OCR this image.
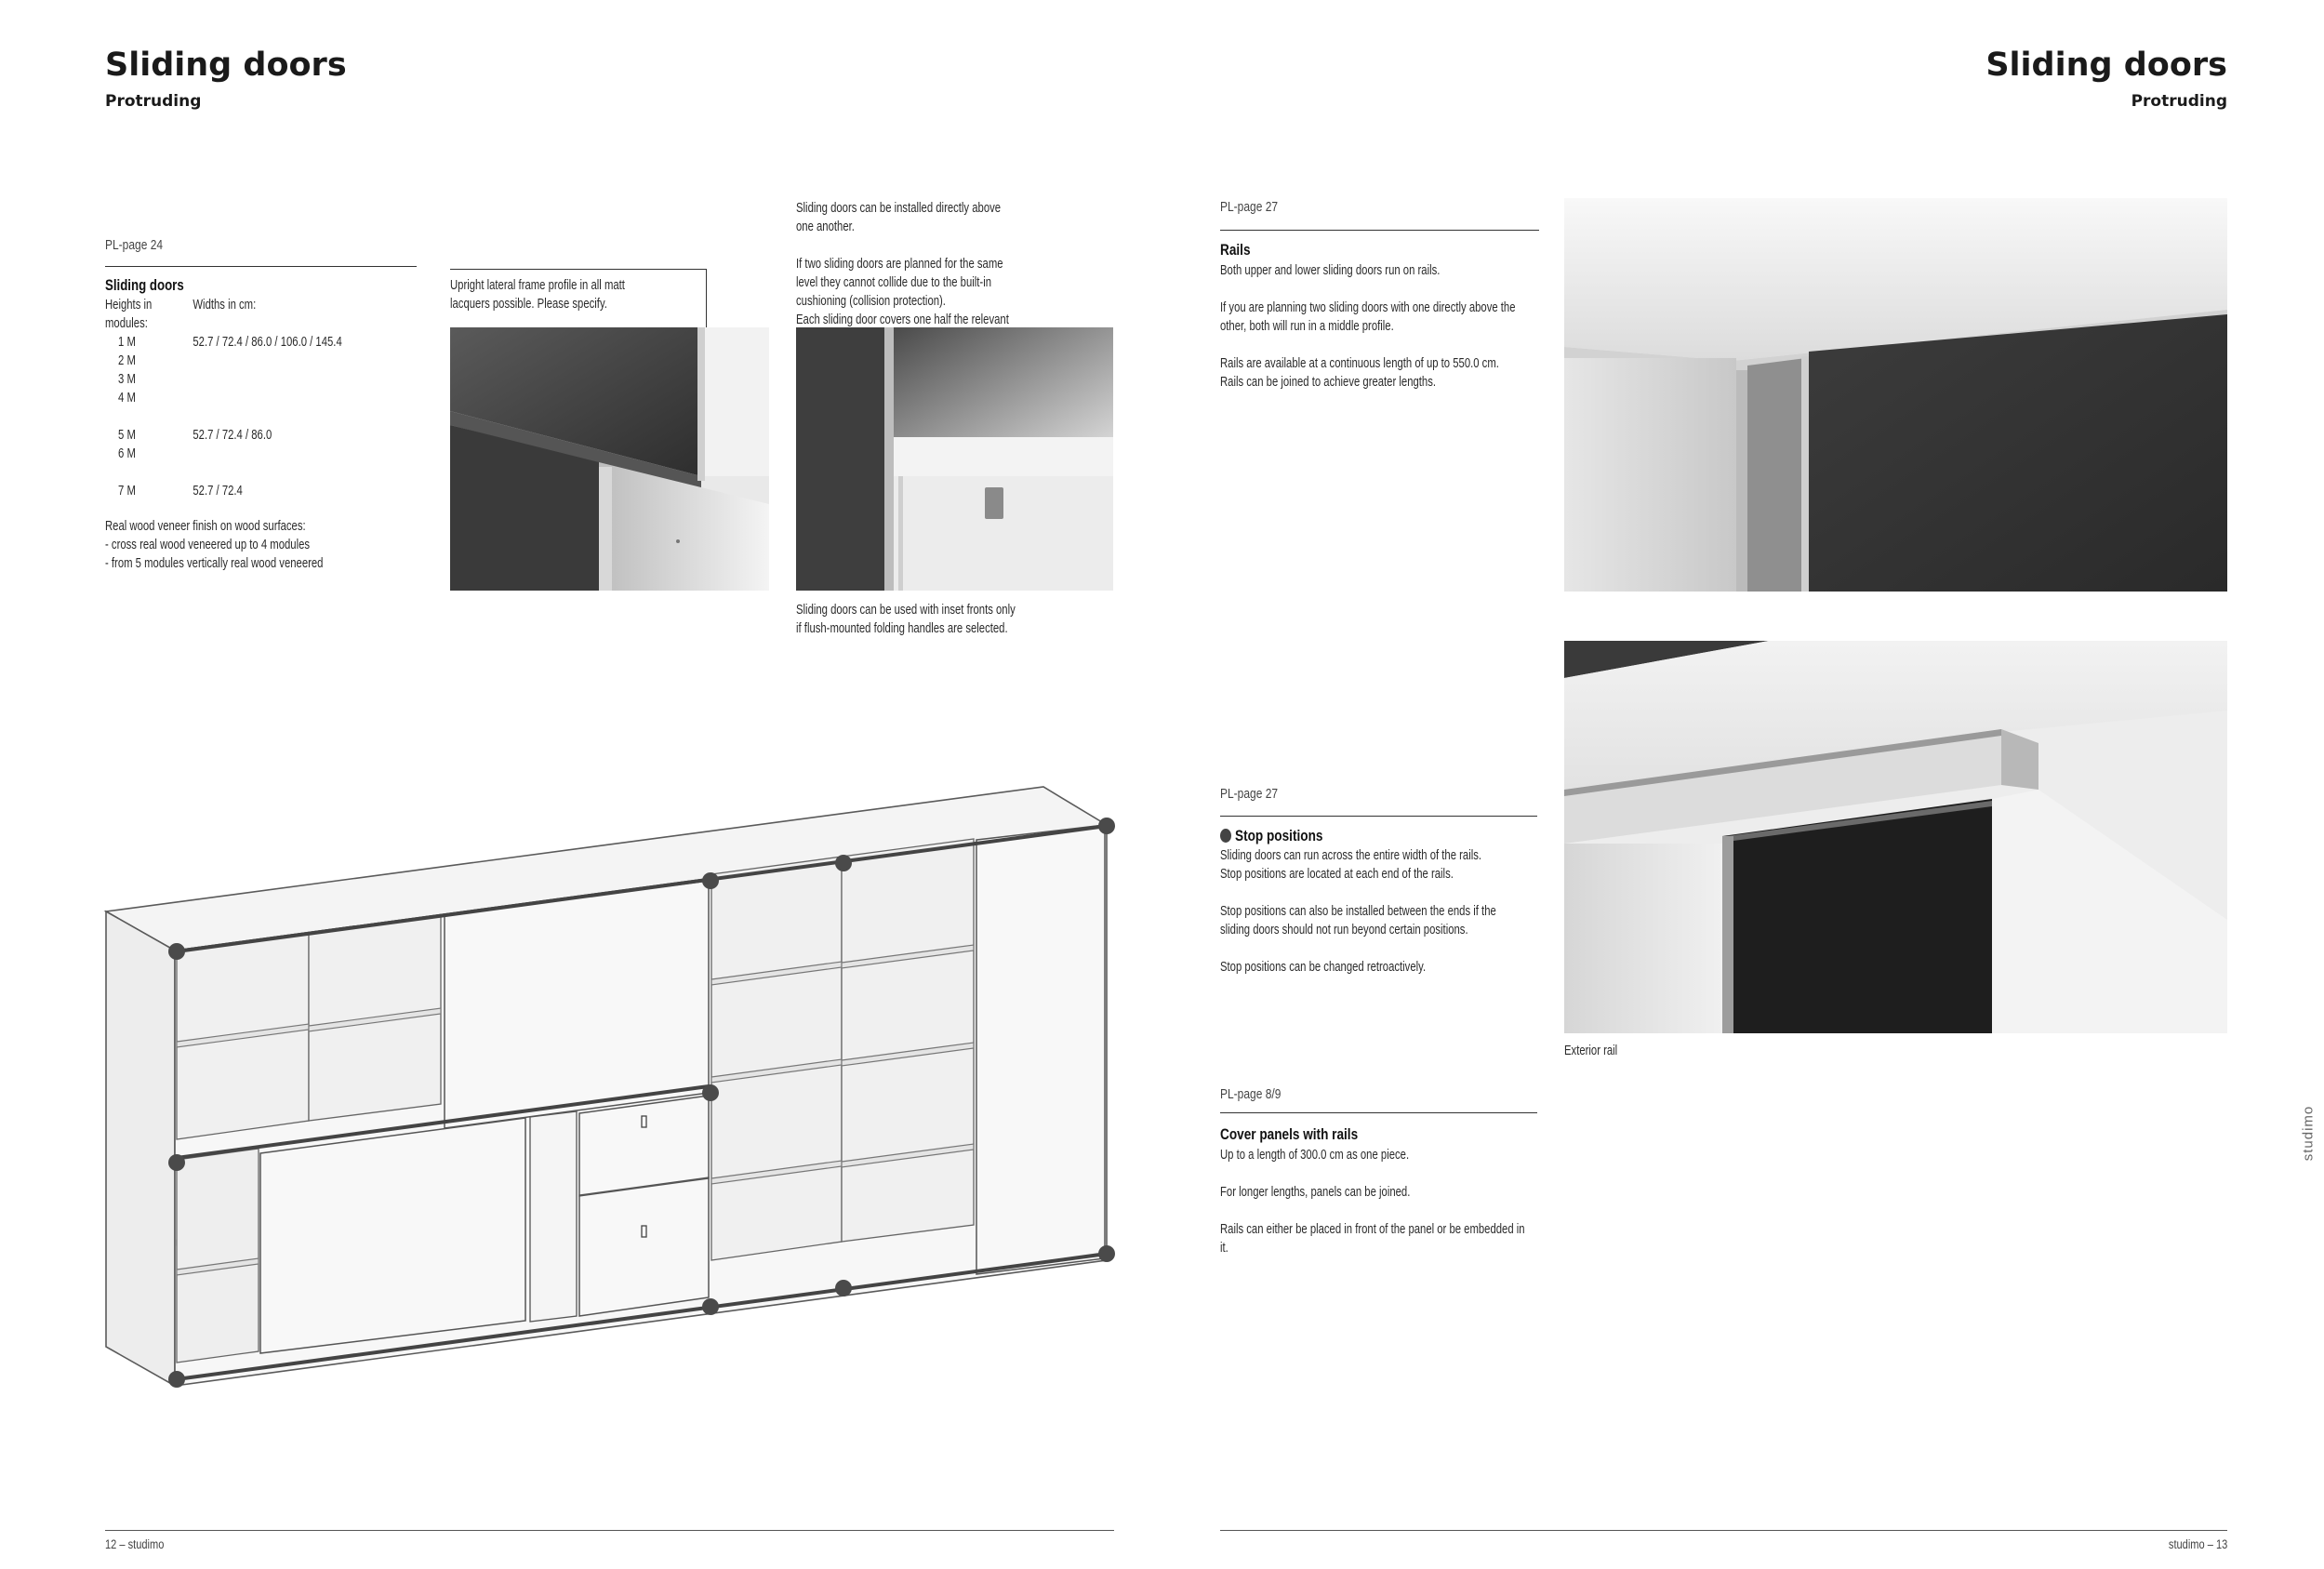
Sliding doors
Protruding
PL-page 24
Sliding doors
Heights in modules:	Widths in cm:
1 M	52.7 / 72.4 / 86.0 / 106.0 / 145.4
2 M	
3 M	
4 M	

5 M	52.7 / 72.4 / 86.0
6 M	

7 M	52.7 / 72.4
Real wood veneer finish on wood surfaces:
- cross real wood veneered up to 4 modules
- from 5 modules vertically real wood veneered
Upright lateral frame profile in all matt lacquers possible. Please specify.
Sliding doors can be installed directly above one another.

If two sliding doors are planned for the same level they cannot collide due to the built-in cushioning (collision protection).
Each sliding door covers one half the relevant
Sliding doors can be used with inset fronts only if flush-mounted folding handles are selected.
12 – studimo
Sliding doors
Protruding
PL-page 27
Rails
Both upper and lower sliding doors run on rails.

If you are planning two sliding doors with one directly above the other, both will run in a middle profile.

Rails are available at a continuous length of up to 550.0 cm.
Rails can be joined to achieve greater lengths.
PL-page 27
Stop positions
Sliding doors can run across the entire width of the rails.
Stop positions are located at each end of the rails.

Stop positions can also be installed between the ends if the sliding doors should not run beyond certain positions.

Stop positions can be changed retroactively.
PL-page 8/9
Cover panels with rails
Up to a length of 300.0 cm as one piece.

For longer lengths, panels can be joined.

Rails can either be placed in front of the panel or be embedded in it.
Exterior rail
studimo
studimo – 13
